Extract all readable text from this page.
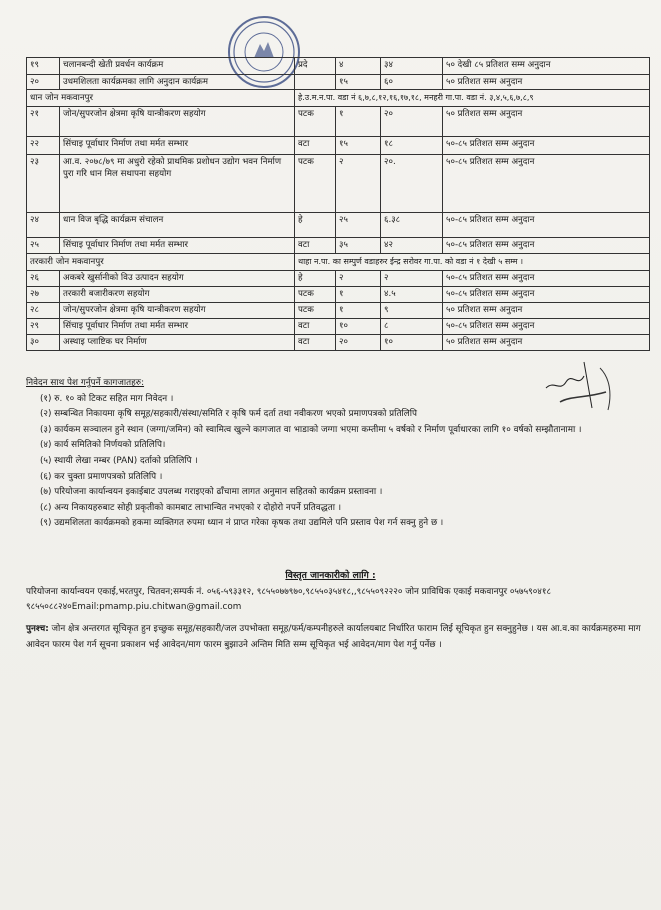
१९	चलानबन्दी खेती प्रवर्धन कार्यक्रम	प्रदे	४	३४	५० देखी ८५ प्रतिशत सम्म अनुदान
२०	उधमशिलता कार्यक्रमका लागि अनुदान कार्यक्रम		१५	६०	५० प्रतिशत सम्म अनुदान
धान जोन मकवानपुर		हे.उ.म.न.पा. वडा नं ६,७,८,१२,१६,१७,१८, मनहरी गा.पा. वडा नं. ३,४,५,६,७,८,९			
२१	जोन/सुपरजोन क्षेत्रमा कृषि यान्त्रीकरण सहयोग	पटक	१	२०	५० प्रतिशत सम्म अनुदान
२२	सिंचाइ पूर्वाधार निर्माण तथा मर्मत सम्भार	वटा	१५	१८	५०-८५ प्रतिशत सम्म अनुदान
२३	आ.व. २०७८/७९ मा अधुरो रहेको प्राथमिक प्रशोधन उद्योग भवन निर्माण पुरा गरि धान मिल सथापना सहयोग	पटक	२	२०.	५०-८५ प्रतिशत सम्म अनुदान
२४	धान विज बृद्धि कार्यक्रम संचालन	हे	२५	६.३८	५०-८५ प्रतिशत सम्म अनुदान
२५	सिंचाइ पूर्वाधार निर्माण तथा मर्मत सम्भार	वटा	३५	४२	५०-८५ प्रतिशत सम्म अनुदान
तरकारी जोन मकवानपुर		थाहा न.पा. का सम्पुर्ण वडाहरुर ईन्द्र सरोवर गा.पा. को वडा नं १ देखी ५ सम्म ।			
२६	अकबरे खुर्सानीको विउ उत्पादन सहयोग	हे	२	२	५०-८५ प्रतिशत सम्म अनुदान
२७	तरकारी बजारीकरण सहयोग	पटक	१	४.५	५०-८५ प्रतिशत सम्म अनुदान
२८	जोन/सुपरजोन क्षेत्रमा कृषि यान्त्रीकरण सहयोग	पटक	१	९	५० प्रतिशत सम्म अनुदान
२९	सिंचाइ पूर्वाधार निर्माण तथा मर्मत सम्भार	वटा	१०	८	५०-८५ प्रतिशत सम्म अनुदान
३०	अस्थाइ प्लाष्टिक घर निर्माण	वटा	२०	१०	५० प्रतिशत सम्म अनुदान

निवेदन साथ पेश गर्नुपर्ने कागजातहरु:

(१) रु. १० को टिकट सहित माग निवेदन ।
(२) सम्बन्धित निकायमा कृषि समूह/सहकारी/संस्था/समिति र कृषि फर्म दर्ता तथा नवीकरण भएको प्रमाणपत्रको प्रतिलिपि
(३) कार्यकम सञ्चालन हुने स्थान (जग्गा/जमिन) को स्वामित्व खुल्ने कागजात वा भाडाको जग्गा भएमा कम्तीमा ५ वर्षको र निर्माण पूर्वाधारका लागि १० वर्षको सम्झौतानामा ।
(४) कार्य समितिको निर्णयको प्रतिलिपि।
(५) स्थायी लेखा नम्बर (PAN) दर्ताको प्रतिलिपि ।
(६) कर चुक्ता प्रमाणपत्रको प्रतिलिपि ।
(७) परियोजना कार्यान्वयन इकाईबाट उपलब्ध गराइएको ढाँचामा लागत अनुमान सहितको कार्यक्रम प्रस्तावना ।
(८) अन्य निकायहरुबाट सोही प्रकृतीको कामबाट लाभान्वित नभएको र दोहोरो नपर्ने प्रतिवद्धता ।
(९) उद्यमशिलता कार्यक्रमको हकमा व्यक्तिगत रुपमा ध्यान नं प्राप्त गरेका कृषक तथा उद्यमिले पनि प्रस्ताव पेश गर्न सक्नु हुने छ ।
विस्तृत जानकारीको लागि :
परियोजना कार्यान्वयन एकाई,भरतपुर, चितवन;सम्पर्क नं. ०५६-५९३३१२, ९८५५०७७९७०,९८५५०३५४१८,,९८५५०९२२२० जोन प्राविधिक एकाई मकवानपुर ०५७५९०४१८ ९८५५०८८२४०Email:pmamp.piu.chitwan@gmail.com
पुनश्च: जोन क्षेत्र अन्तरगत सूचिकृत हुन इच्छुक समूह/सहकारी/जल उपभोक्ता समूह/फर्म/कम्पनीहरुले कार्यालयबाट निर्धारित फाराम लिई सूचिकृत हुन सक्नुहुनेछ । यस आ.व.का कार्यक्रमहरुमा माग आवेदन फारम पेश गर्न सूचना प्रकाशन भई आवेदन/माग फारम बुझाउने अन्तिम मिति सम्म सूचिकृत भई आवेदन/माग पेश गर्नु पर्नेछ ।
